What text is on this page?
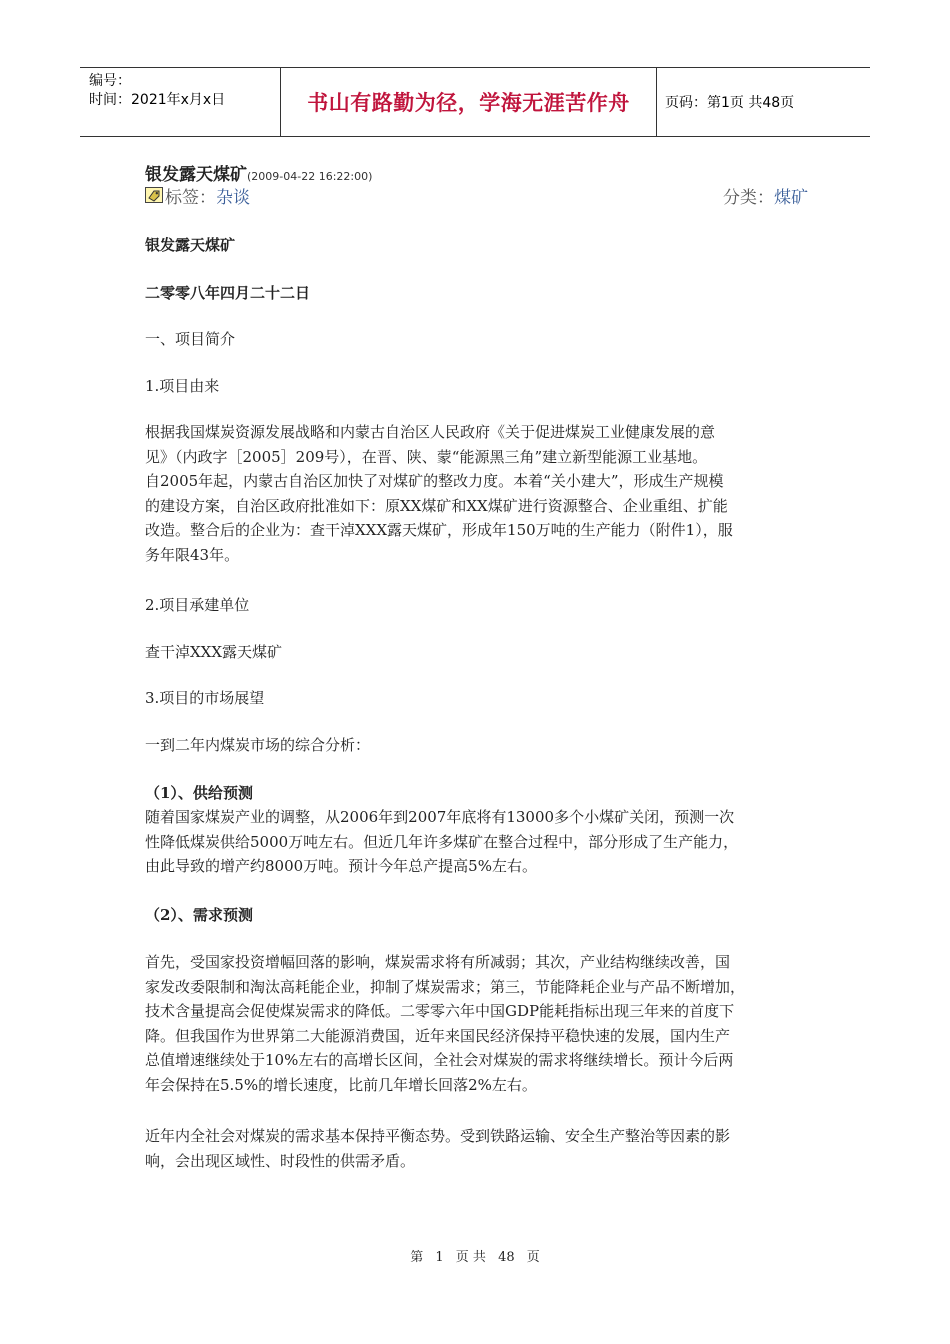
编号：
时间：2021年x月x日	书山有路勤为径，学海无涯苦作舟	页码：第1页 共48页
银发露天煤矿(2009-04-22 16:22:00)
标签： 杂谈	分类： 煤矿
银发露天煤矿
二零零八年四月二十二日
一、项目简介
1.项目由来
根据我国煤炭资源发展战略和内蒙古自治区人民政府《关于促进煤炭工业健康发展的意
见》（内政字［2005］209号），在晋、陕、蒙“能源黑三角”建立新型能源工业基地。
自2005年起，内蒙古自治区加快了对煤矿的整改力度。本着“关小建大”，形成生产规模
的建设方案，自治区政府批准如下：原XX煤矿和XX煤矿进行资源整合、企业重组、扩能
改造。整合后的企业为：查干淖XXX露天煤矿，形成年150万吨的生产能力（附件1），服
务年限43年。
2.项目承建单位
查干淖XXX露天煤矿
3.项目的市场展望
一到二年内煤炭市场的综合分析：
（1）、供给预测
随着国家煤炭产业的调整，从2006年到2007年底将有13000多个小煤矿关闭，预测一次
性降低煤炭供给5000万吨左右。但近几年许多煤矿在整合过程中，部分形成了生产能力，
由此导致的增产约8000万吨。预计今年总产提高5%左右。
（2）、需求预测
首先，受国家投资增幅回落的影响，煤炭需求将有所减弱；其次，产业结构继续改善，国
家发改委限制和淘汰高耗能企业，抑制了煤炭需求；第三，节能降耗企业与产品不断增加，
技术含量提高会促使煤炭需求的降低。二零零六年中国GDP能耗指标出现三年来的首度下
降。但我国作为世界第二大能源消费国，近年来国民经济保持平稳快速的发展，国内生产
总值增速继续处于10%左右的高增长区间，全社会对煤炭的需求将继续增长。预计今后两
年会保持在5.5%的增长速度，比前几年增长回落2%左右。
近年内全社会对煤炭的需求基本保持平衡态势。受到铁路运输、安全生产整治等因素的影
响，会出现区域性、时段性的供需矛盾。
第 1 页 共 48 页
